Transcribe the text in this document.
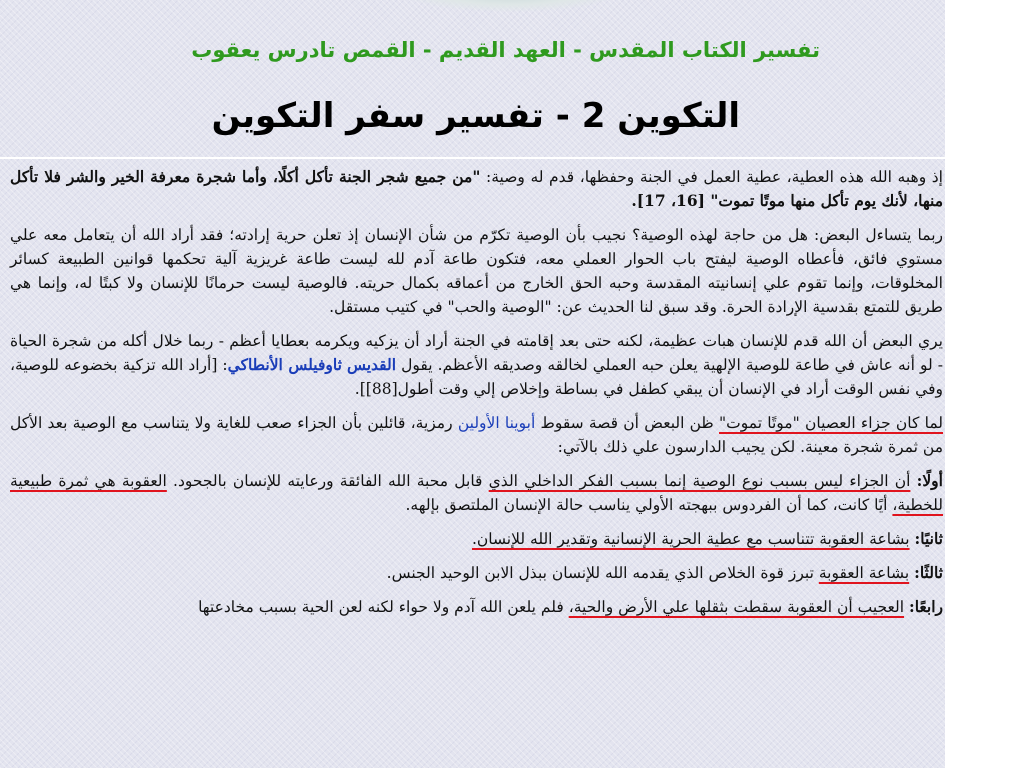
تفسير الكتاب المقدس - العهد القديم - القمص تادرس يعقوب
التكوين 2 - تفسير سفر التكوين

إذ وهبه الله هذه العطية، عطية العمل في الجنة وحفظها، قدم له وصية: "من جميع شجر الجنة تأكل أكلًا، وأما شجرة معرفة الخير والشر فلا تأكل منها، لأنك يوم تأكل منها موتًا تموت" [16، 17].

ربما يتساءل البعض: هل من حاجة لهذه الوصية؟ نجيب بأن الوصية تكرّم من شأن الإنسان إذ تعلن حرية إرادته؛ فقد أراد الله أن يتعامل معه علي مستوي فائق، فأعطاه الوصية ليفتح باب الحوار العملي معه، فتكون طاعة آدم لله ليست طاعة غريزية آلية تحكمها قوانين الطبيعة كسائر المخلوقات، وإنما تقوم علي إنسانيته المقدسة وحبه الحق الخارج من أعماقه بكمال حريته. فالوصية ليست حرمانًا للإنسان ولا كبتًا له، وإنما هي طريق للتمتع بقدسية الإرادة الحرة. وقد سبق لنا الحديث عن: "الوصية والحب" في كتيب مستقل.

يري البعض أن الله قدم للإنسان هبات عظيمة، لكنه حتى بعد إقامته في الجنة أراد أن يزكيه ويكرمه بعطايا أعظم - ربما خلال أكله من شجرة الحياة - لو أنه عاش في طاعة للوصية الإلهية يعلن حبه العملي لخالقه وصديقه الأعظم. يقول القديس ثاوفيلس الأنطاكي: [أراد الله تزكية بخضوعه للوصية، وفي نفس الوقت أراد في الإنسان أن يبقي كطفل في بساطة وإخلاص إلي وقت أطول[88]].

لما كان جزاء العصيان "موتًا تموت" ظن البعض أن قصة سقوط أبوينا الأولين رمزية، قائلين بأن الجزاء صعب للغاية ولا يتناسب مع الوصية بعد الأكل من ثمرة شجرة معينة. لكن يجيب الدارسون علي ذلك بالآتي:

أولًا: أن الجزاء ليس بسبب نوع الوصية إنما بسبب الفكر الداخلي الذي قابل محبة الله الفائقة ورعايته للإنسان بالجحود. العقوبة هي ثمرة طبيعية للخطية، أيًا كانت، كما أن الفردوس ببهجته الأولي يناسب حالة الإنسان الملتصق بإلهه.

ثانيًا: بشاعة العقوبة تتناسب مع عطية الحرية الإنسانية وتقدير الله للإنسان.

ثالثًا: بشاعة العقوبة تبرز قوة الخلاص الذي يقدمه الله للإنسان ببذل الابن الوحيد الجنس.

رابعًا: العجيب أن العقوبة سقطت بثقلها علي الأرض والحية، فلم يلعن الله آدم ولا حواء لكنه لعن الحية بسبب مخادعتها
